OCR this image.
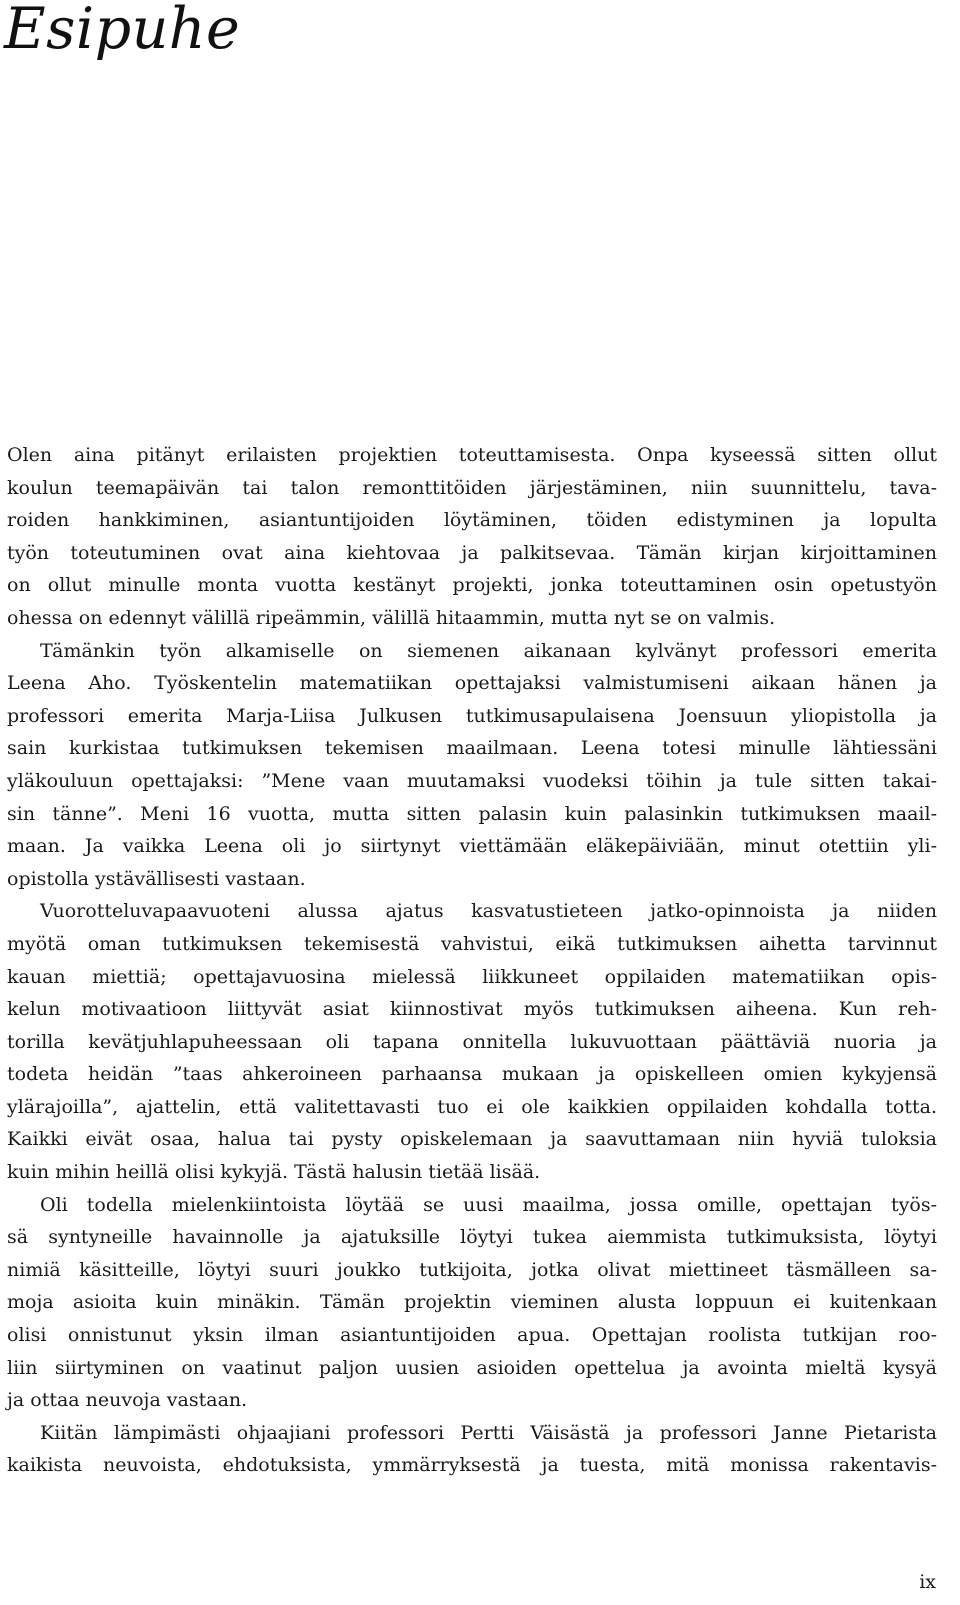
Esipuhe

Olen aina pitänyt erilaisten projektien toteuttamisesta. Onpa kyseessä sitten ollut
koulun teemapäivän tai talon remonttitöiden järjestäminen, niin suunnittelu, tava-
roiden hankkiminen, asiantuntijoiden löytäminen, töiden edistyminen ja lopulta
työn toteutuminen ovat aina kiehtovaa ja palkitsevaa. Tämän kirjan kirjoittaminen
on ollut minulle monta vuotta kestänyt projekti, jonka toteuttaminen osin opetustyön
ohessa on edennyt välillä ripeämmin, välillä hitaammin, mutta nyt se on valmis.

Tämänkin työn alkamiselle on siemenen aikanaan kylvänyt professori emerita
Leena Aho. Työskentelin matematiikan opettajaksi valmistumiseni aikaan hänen ja
professori emerita Marja-Liisa Julkusen tutkimusapulaisena Joensuun yliopistolla ja
sain kurkistaa tutkimuksen tekemisen maailmaan. Leena totesi minulle lähtiessäni
yläkouluun opettajaksi: ”Mene vaan muutamaksi vuodeksi töihin ja tule sitten takai-
sin tänne”. Meni 16 vuotta, mutta sitten palasin kuin palasinkin tutkimuksen maail-
maan. Ja vaikka Leena oli jo siirtynyt viettämään eläkepäiviään, minut otettiin yli-
opistolla ystävällisesti vastaan.

Vuorotteluvapaavuoteni alussa ajatus kasvatustieteen jatko-opinnoista ja niiden
myötä oman tutkimuksen tekemisestä vahvistui, eikä tutkimuksen aihetta tarvinnut
kauan miettiä; opettajavuosina mielessä liikkuneet oppilaiden matematiikan opis-
kelun motivaatioon liittyvät asiat kiinnostivat myös tutkimuksen aiheena. Kun reh-
torilla kevätjuhlapuheessaan oli tapana onnitella lukuvuottaan päättäviä nuoria ja
todeta heidän ”taas ahkeroineen parhaansa mukaan ja opiskelleen omien kykyjensä
ylärajoilla”, ajattelin, että valitettavasti tuo ei ole kaikkien oppilaiden kohdalla totta.
Kaikki eivät osaa, halua tai pysty opiskelemaan ja saavuttamaan niin hyviä tuloksia
kuin mihin heillä olisi kykyjä. Tästä halusin tietää lisää.

Oli todella mielenkiintoista löytää se uusi maailma, jossa omille, opettajan työs-
sä syntyneille havainnolle ja ajatuksille löytyi tukea aiemmista tutkimuksista, löytyi
nimiä käsitteille, löytyi suuri joukko tutkijoita, jotka olivat miettineet täsmälleen sa-
moja asioita kuin minäkin. Tämän projektin vieminen alusta loppuun ei kuitenkaan
olisi onnistunut yksin ilman asiantuntijoiden apua. Opettajan roolista tutkijan roo-
liin siirtyminen on vaatinut paljon uusien asioiden opettelua ja avointa mieltä kysyä
ja ottaa neuvoja vastaan.

Kiitän lämpimästi ohjaajiani professori Pertti Väisästä ja professori Janne Pietarista
kaikista neuvoista, ehdotuksista, ymmärryksestä ja tuesta, mitä monissa rakentavis-

ix
